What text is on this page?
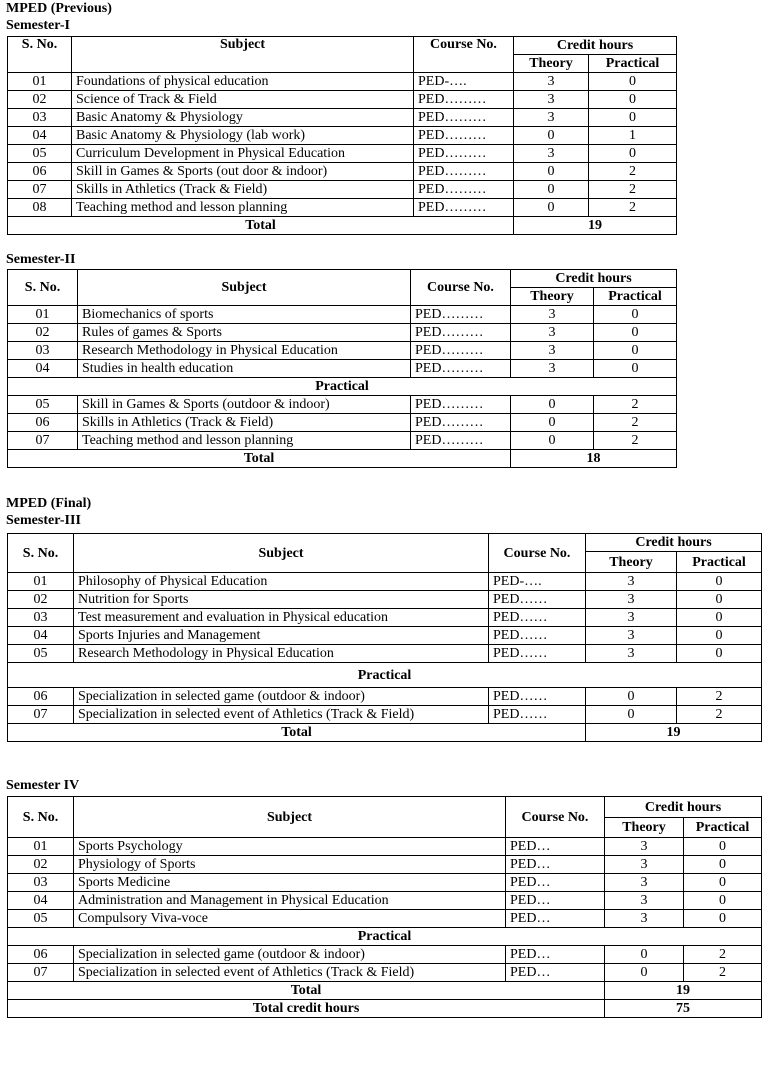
MPED (Previous)
Semester-I
S. No.	Subject	Course No.	Credit hours	
			Theory	Practical
01	Foundations of physical education	PED-….	3	0
02	Science of Track & Field	PED………	3	0
03	Basic Anatomy & Physiology	PED………	3	0
04	Basic Anatomy & Physiology (lab work)	PED………	0	1
05	Curriculum Development in Physical Education	PED………	3	0
06	Skill in Games & Sports (out door & indoor)	PED………	0	2
07	Skills in Athletics (Track & Field)	PED………	0	2
08	Teaching method and lesson planning	PED………	0	2
Total			19	
Semester-II
S. No.	Subject	Course No.	Credit hours	
			Theory	Practical
01	Biomechanics of sports	PED………	3	0
02	Rules of games & Sports	PED………	3	0
03	Research Methodology in Physical Education	PED………	3	0
04	Studies in health education	PED………	3	0
Practical				
05	Skill in Games & Sports (outdoor & indoor)	PED………	0	2
06	Skills in Athletics (Track & Field)	PED………	0	2
07	Teaching method and lesson planning	PED………	0	2
Total			18	
MPED (Final)
Semester-III
S. No.	Subject	Course No.	Credit hours	
			Theory	Practical
01	Philosophy of Physical Education	PED-….	3	0
02	Nutrition for Sports	PED……	3	0
03	Test measurement and evaluation in Physical education	PED……	3	0
04	Sports Injuries and Management	PED……	3	0
05	Research Methodology in Physical Education	PED……	3	0
Practical				
06	Specialization in selected game (outdoor & indoor)	PED……	0	2
07	Specialization in selected event of Athletics (Track & Field)	PED……	0	2
Total			19	
Semester IV
S. No.	Subject	Course No.	Credit hours	
			Theory	Practical
01	Sports Psychology	PED…	3	0
02	Physiology of Sports	PED…	3	0
03	Sports Medicine	PED…	3	0
04	Administration and Management in Physical Education	PED…	3	0
05	Compulsory Viva-voce	PED…	3	0
Practical				
06	Specialization in selected game (outdoor & indoor)	PED…	0	2
07	Specialization in selected event of Athletics (Track & Field)	PED…	0	2
Total			19	
Total credit hours			75	
